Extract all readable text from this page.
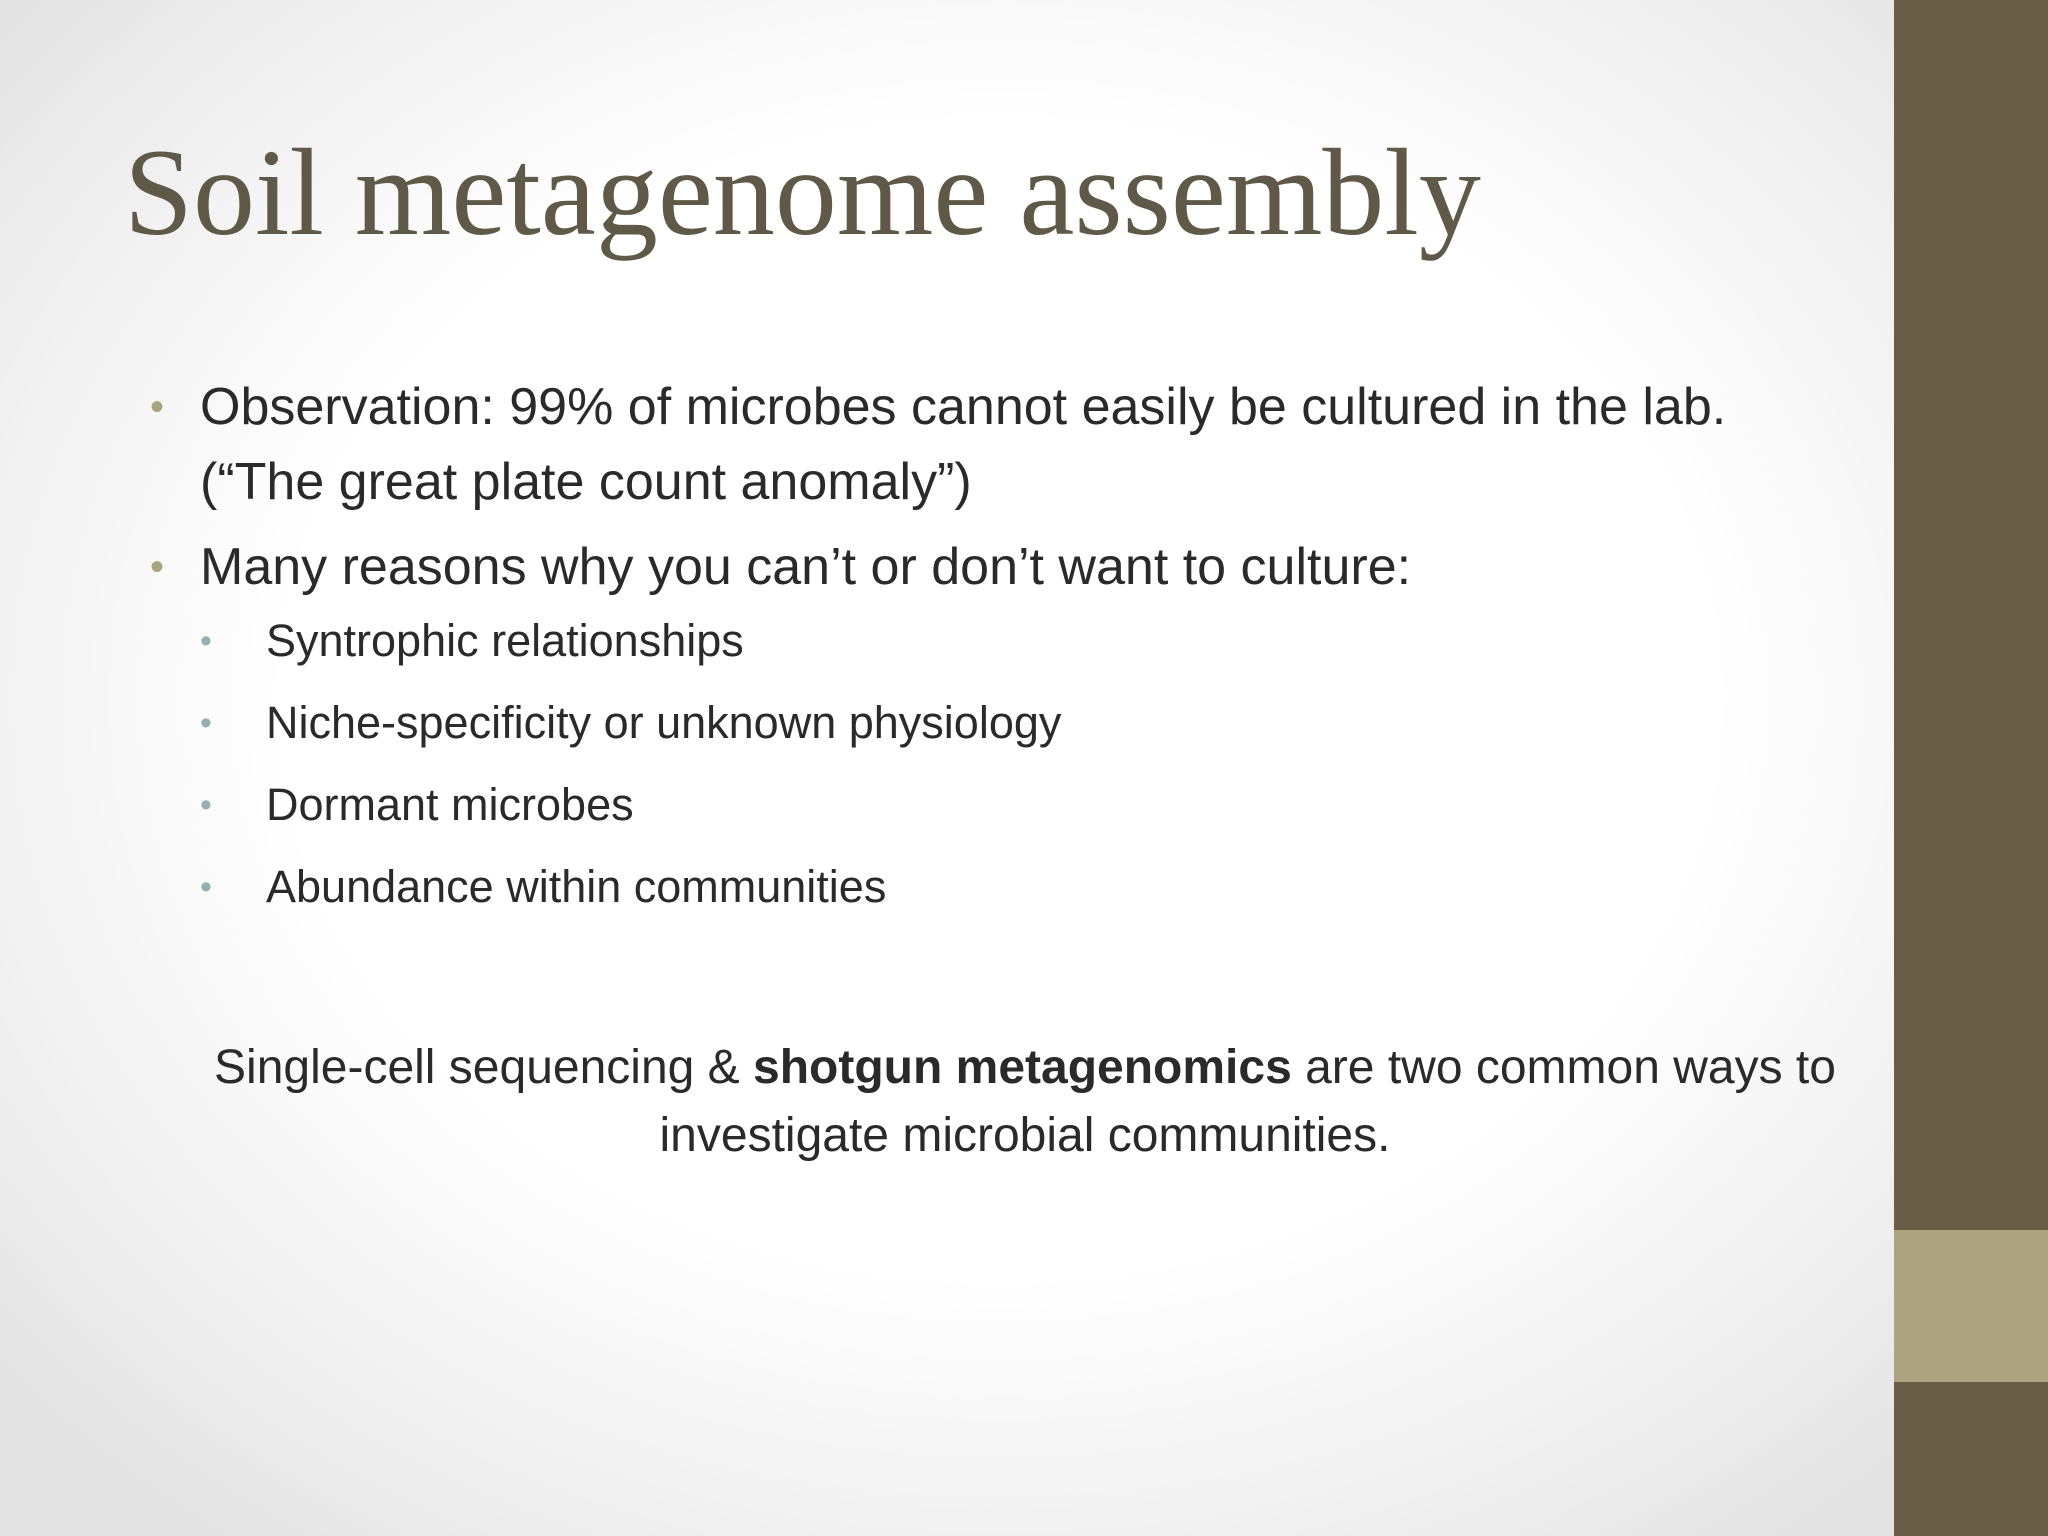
Soil metagenome assembly
• Observation: 99% of microbes cannot easily be cultured in the lab. (“The great plate count anomaly”)
• Many reasons why you can’t or don’t want to culture:
• Syntrophic relationships
• Niche-specificity or unknown physiology
• Dormant microbes
• Abundance within communities
Single-cell sequencing & shotgun metagenomics are two common ways to investigate microbial communities.
